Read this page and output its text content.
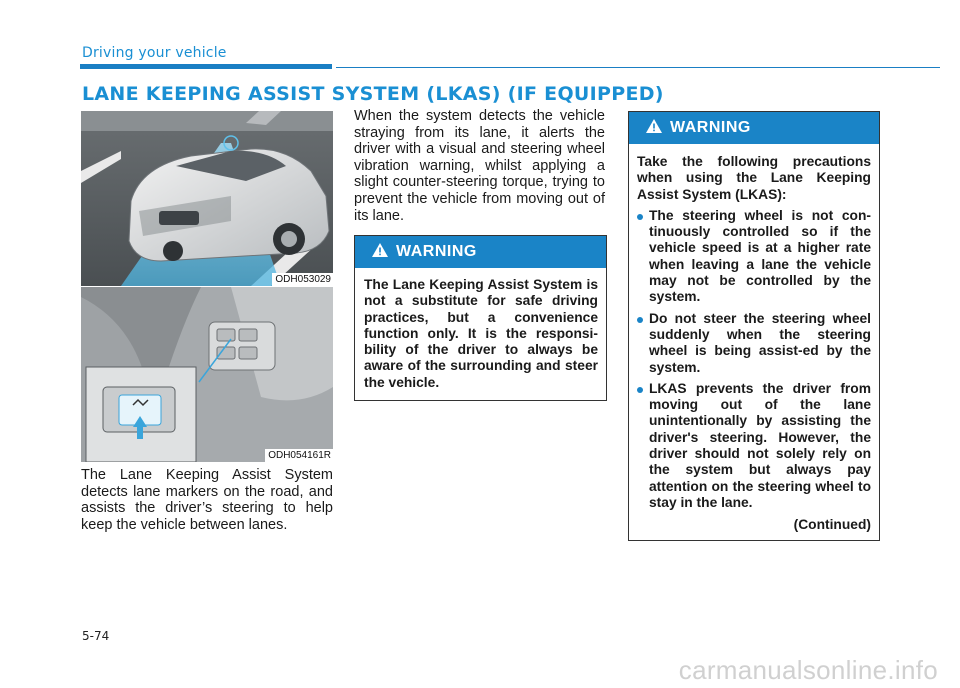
Driving your vehicle
LANE KEEPING ASSIST SYSTEM (LKAS) (IF EQUIPPED)
ODH053029
ODH054161R

The Lane Keeping Assist System detects lane markers on the road, and assists the driver’s steering to help keep the vehicle between lanes.

When the system detects the vehicle straying from its lane, it alerts the driver with a visual and steering wheel vibration warning, whilst applying a slight counter-steering torque, trying to prevent the vehicle from moving out of its lane.

WARNING
The Lane Keeping Assist System is not a substitute for safe driving practices, but a convenience function only. It is the responsi-bility of the driver to always be aware of the surrounding and steer the vehicle.
WARNING
Take the following precautions when using the Lane Keeping Assist System (LKAS):
The steering wheel is not con-tinuously controlled so if the vehicle speed is at a higher rate when leaving a lane the vehicle may not be controlled by the system.
Do not steer the steering wheel suddenly when the steering wheel is being assist-ed by the system.
LKAS prevents the driver from moving out of the lane unintentionally by assisting the driver's steering. However, the driver should not solely rely on the system but always pay attention on the steering wheel to stay in the lane.
(Continued)
5-74
carmanualsonline.info
